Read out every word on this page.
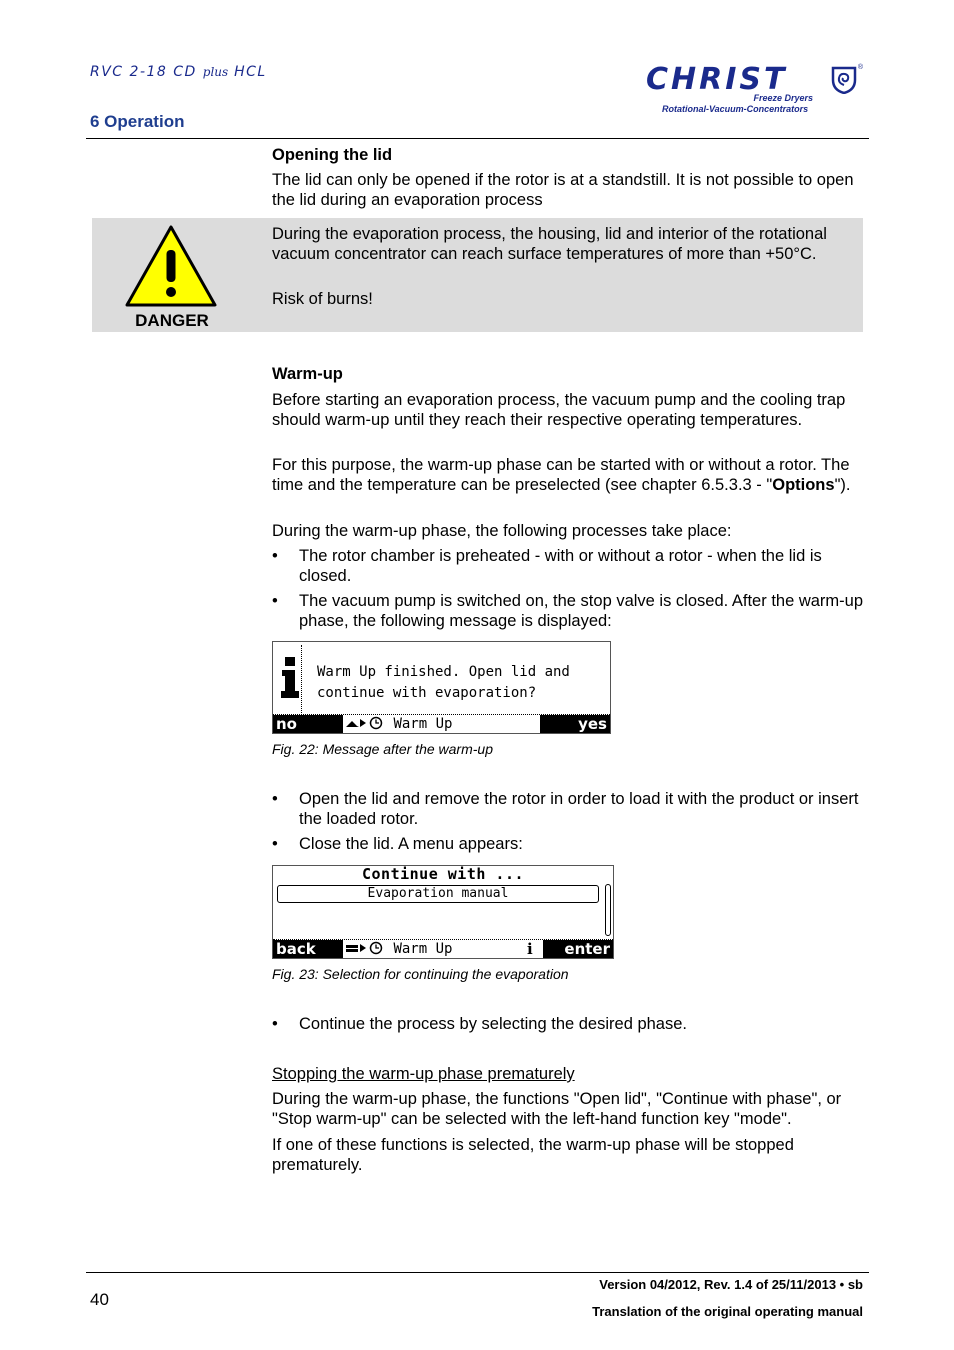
RVC 2-18 CD plus HCL
6 Operation
CHRIST
Freeze Dryers
Rotational-Vacuum-Concentrators
®
Opening the lid
The lid can only be opened if the rotor is at a standstill. It is not possible to open the lid during an evaporation process
DANGER
During the evaporation process, the housing, lid and interior of the rotational vacuum concentrator can reach surface temperatures of more than +50°C.
Risk of burns!
Warm-up
Before starting an evaporation process, the vacuum pump and the cooling trap should warm-up until they reach their respective operating temperatures.
For this purpose, the warm-up phase can be started with or without a rotor. The time and the temperature can be preselected (see chapter 6.5.3.3 - "Options").
During the warm-up phase, the following processes take place:
• The rotor chamber is preheated - with or without a rotor - when the lid is closed.
• The vacuum pump is switched on, the stop valve is closed. After the warm-up phase, the following message is displayed:
Warm Up finished. Open lid and
continue with evaporation?
no	Warm Up	yes
Fig. 22: Message after the warm-up
• Open the lid and remove the rotor in order to load it with the product or insert the loaded rotor.
• Close the lid. A menu appears:
Continue with ...
Evaporation manual
back	Warm Up	i	enter
Fig. 23: Selection for continuing the evaporation
• Continue the process by selecting the desired phase.
Stopping the warm-up phase prematurely
During the warm-up phase, the functions "Open lid", "Continue with phase", or "Stop warm-up" can be selected with the left-hand function key "mode".
If one of these functions is selected, the warm-up phase will be stopped prematurely.
40
Version 04/2012, Rev. 1.4 of 25/11/2013 • sb
Translation of the original operating manual
